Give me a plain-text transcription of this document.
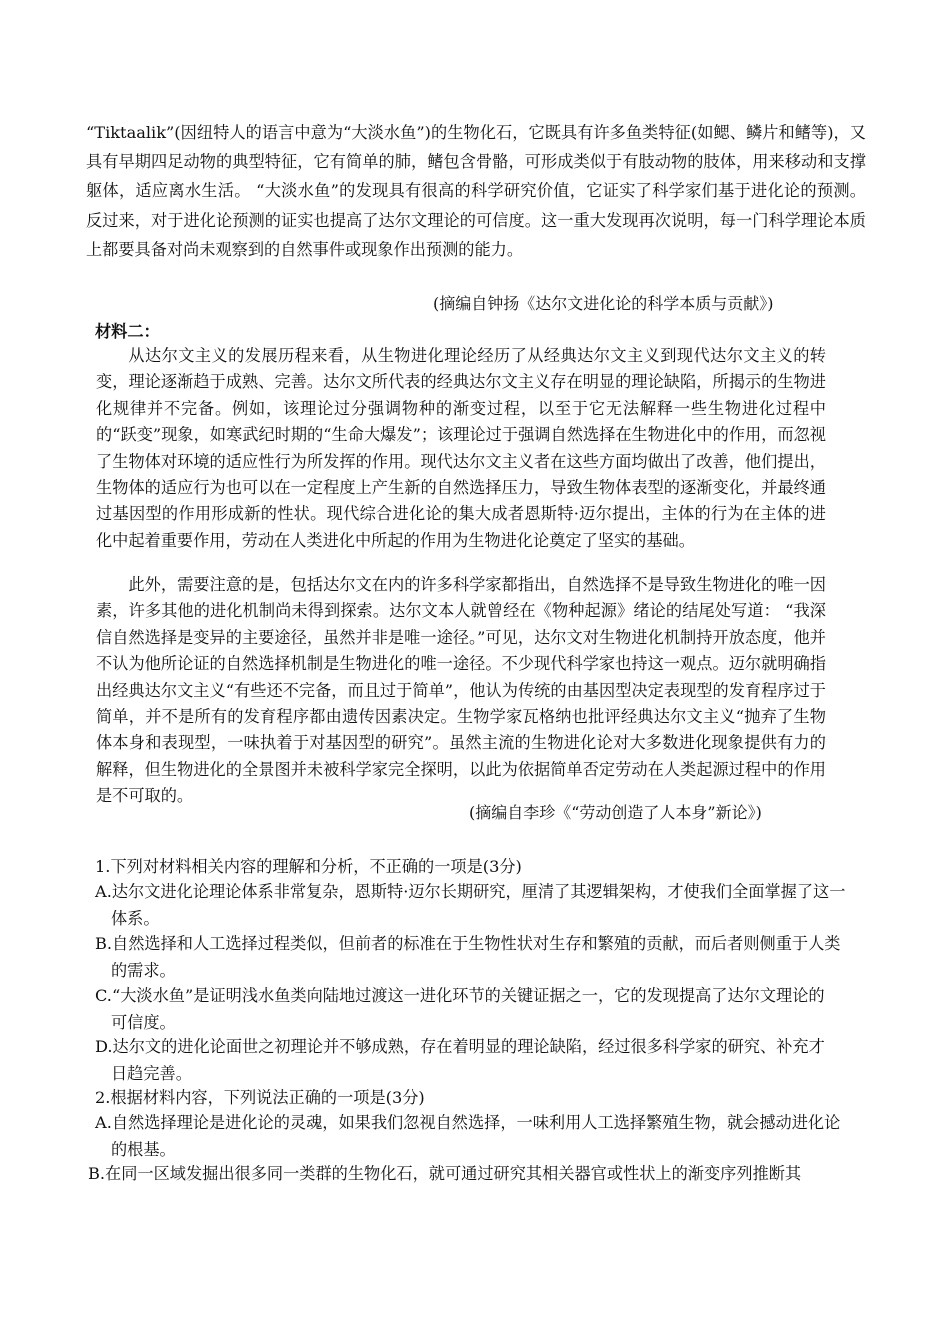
“Tiktaalik”(因纽特人的语言中意为“大淡水鱼”)的生物化石，它既具有许多鱼类特征(如鳃、鳞片和鳍等)，又具有早期四足动物的典型特征，它有简单的肺，鳍包含骨骼，可形成类似于有肢动物的肢体，用来移动和支撑躯体，适应离水生活。 “大淡水鱼”的发现具有很高的科学研究价值，它证实了科学家们基于进化论的预测。反过来，对于进化论预测的证实也提高了达尔文理论的可信度。这一重大发现再次说明，每一门科学理论本质上都要具备对尚未观察到的自然事件或现象作出预测的能力。
(摘编自钟扬《达尔文进化论的科学本质与贡献》)
材料二：

从达尔文主义的发展历程来看，从生物进化理论经历了从经典达尔文主义到现代达尔文主义的转变，理论逐渐趋于成熟、完善。达尔文所代表的经典达尔文主义存在明显的理论缺陷，所揭示的生物进化规律并不完备。例如，该理论过分强调物种的渐变过程，以至于它无法解释一些生物进化过程中的“跃变”现象，如寒武纪时期的“生命大爆发”；该理论过于强调自然选择在生物进化中的作用，而忽视了生物体对环境的适应性行为所发挥的作用。现代达尔文主义者在这些方面均做出了改善，他们提出，生物体的适应行为也可以在一定程度上产生新的自然选择压力，导致生物体表型的逐渐变化，并最终通过基因型的作用形成新的性状。现代综合进化论的集大成者恩斯特·迈尔提出，主体的行为在主体的进化中起着重要作用，劳动在人类进化中所起的作用为生物进化论奠定了坚实的基础。

此外，需要注意的是，包括达尔文在内的许多科学家都指出，自然选择不是导致生物进化的唯一因素，许多其他的进化机制尚未得到探索。达尔文本人就曾经在《物种起源》绪论的结尾处写道： “我深信自然选择是变异的主要途径，虽然并非是唯一途径。”可见，达尔文对生物进化机制持开放态度，他并不认为他所论证的自然选择机制是生物进化的唯一途径。不少现代科学家也持这一观点。迈尔就明确指出经典达尔文主义“有些还不完备，而且过于简单”，他认为传统的由基因型决定表现型的发育程序过于简单，并不是所有的发育程序都由遗传因素决定。生物学家瓦格纳也批评经典达尔文主义“抛弃了生物体本身和表现型，一味执着于对基因型的研究”。虽然主流的生物进化论对大多数进化现象提供有力的解释，但生物进化的全景图并未被科学家完全探明，以此为依据简单否定劳动在人类起源过程中的作用是不可取的。

(摘编自李珍《“劳动创造了人本身”新论》)

1.下列对材料相关内容的理解和分析，不正确的一项是(3分)

A.达尔文进化论理论体系非常复杂，恩斯特·迈尔长期研究，厘清了其逻辑架构，才使我们全面掌握了这一体系。

B.自然选择和人工选择过程类似，但前者的标准在于生物性状对生存和繁殖的贡献，而后者则侧重于人类的需求。

C.“大淡水鱼”是证明浅水鱼类向陆地过渡这一进化环节的关键证据之一，它的发现提高了达尔文理论的可信度。

D.达尔文的进化论面世之初理论并不够成熟，存在着明显的理论缺陷，经过很多科学家的研究、补充才日趋完善。

2.根据材料内容，下列说法正确的一项是(3分)

A.自然选择理论是进化论的灵魂，如果我们忽视自然选择，一味利用人工选择繁殖生物，就会撼动进化论的根基。

B.在同一区域发掘出很多同一类群的生物化石，就可通过研究其相关器官或性状上的渐变序列推断其
